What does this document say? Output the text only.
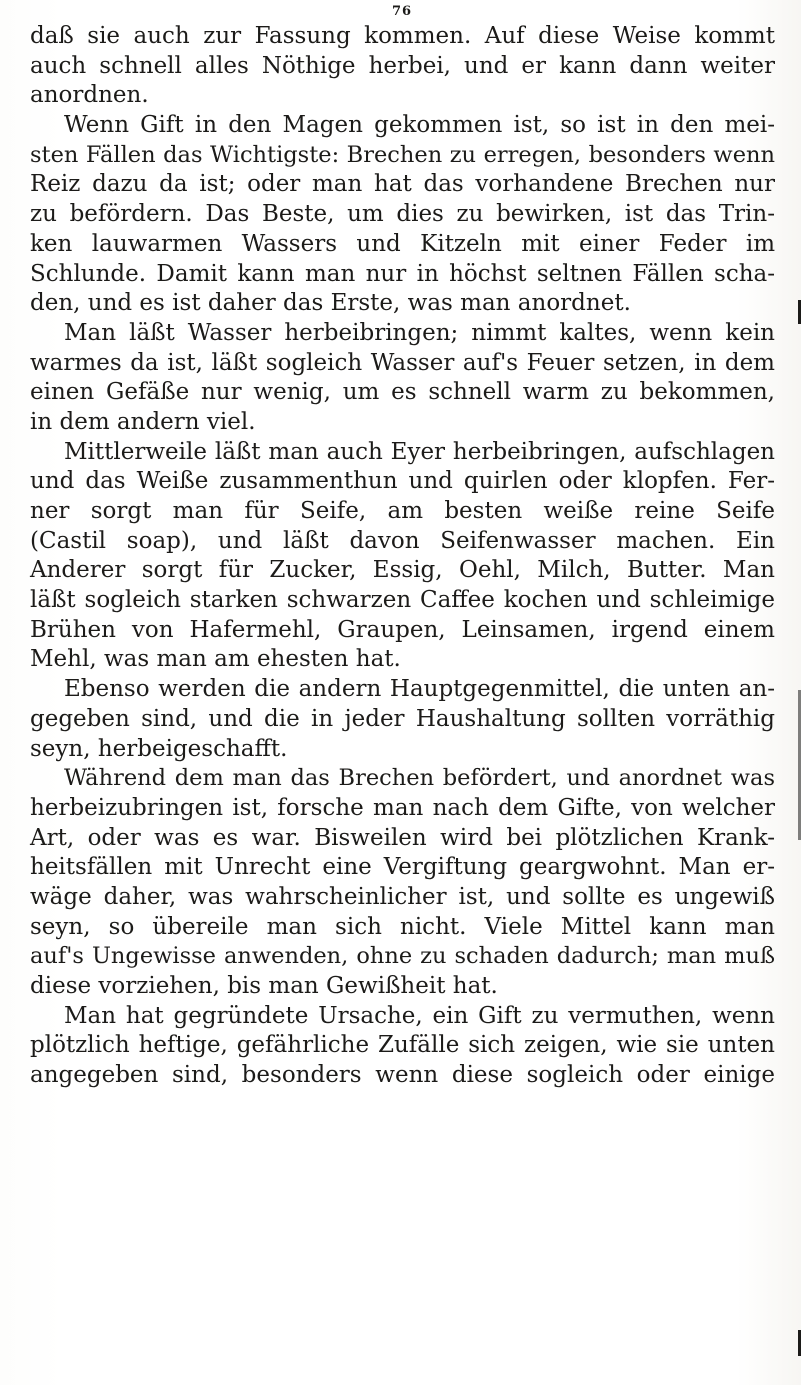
76
daß sie auch zur Fassung kommen. Auf diese Weise kommt
auch schnell alles Nöthige herbei, und er kann dann weiter
anordnen.
Wenn Gift in den Magen gekommen ist, so ist in den mei-
sten Fällen das Wichtigste: Brechen zu erregen, besonders wenn
Reiz dazu da ist; oder man hat das vorhandene Brechen nur
zu befördern. Das Beste, um dies zu bewirken, ist das Trin-
ken lauwarmen Wassers und Kitzeln mit einer Feder im
Schlunde. Damit kann man nur in höchst seltnen Fällen scha-
den, und es ist daher das Erste, was man anordnet.
Man läßt Wasser herbeibringen; nimmt kaltes, wenn kein
warmes da ist, läßt sogleich Wasser auf's Feuer setzen, in dem
einen Gefäße nur wenig, um es schnell warm zu bekommen,
in dem andern viel.
Mittlerweile läßt man auch Eyer herbeibringen, aufschlagen
und das Weiße zusammenthun und quirlen oder klopfen. Fer-
ner sorgt man für Seife, am besten weiße reine Seife
(Castil soap), und läßt davon Seifenwasser machen. Ein
Anderer sorgt für Zucker, Essig, Oehl, Milch, Butter. Man
läßt sogleich starken schwarzen Caffee kochen und schleimige
Brühen von Hafermehl, Graupen, Leinsamen, irgend einem
Mehl, was man am ehesten hat.
Ebenso werden die andern Hauptgegenmittel, die unten an-
gegeben sind, und die in jeder Haushaltung sollten vorräthig
seyn, herbeigeschafft.
Während dem man das Brechen befördert, und anordnet was
herbeizubringen ist, forsche man nach dem Gifte, von welcher
Art, oder was es war. Bisweilen wird bei plötzlichen Krank-
heitsfällen mit Unrecht eine Vergiftung geargwohnt. Man er-
wäge daher, was wahrscheinlicher ist, und sollte es ungewiß
seyn, so übereile man sich nicht. Viele Mittel kann man
auf's Ungewisse anwenden, ohne zu schaden dadurch; man muß
diese vorziehen, bis man Gewißheit hat.
Man hat gegründete Ursache, ein Gift zu vermuthen, wenn
plötzlich heftige, gefährliche Zufälle sich zeigen, wie sie unten
angegeben sind, besonders wenn diese sogleich oder einige
